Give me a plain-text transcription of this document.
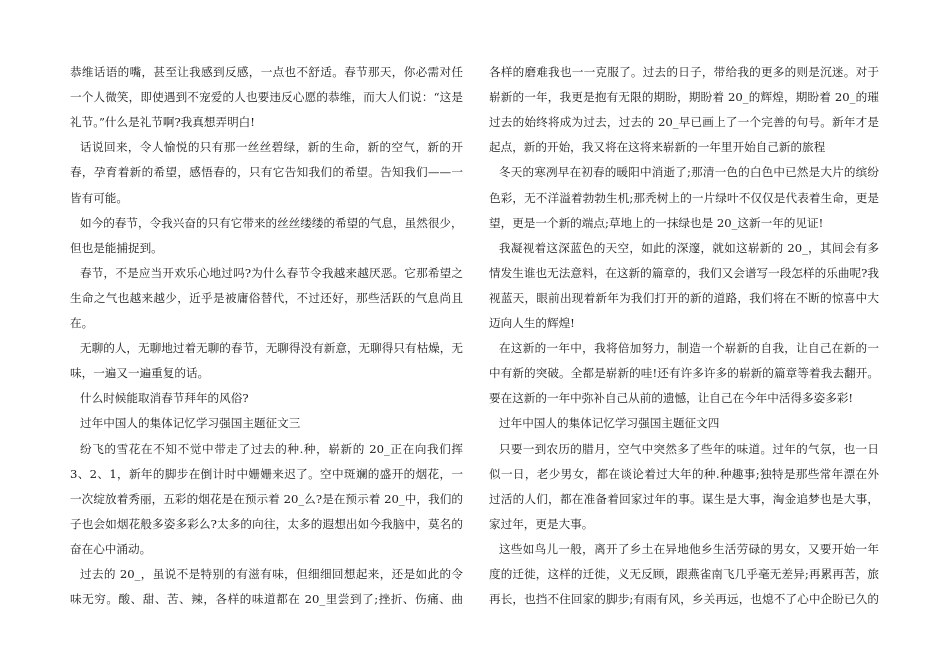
恭维话语的嘴，甚至让我感到反感，一点也不舒适。春节那天，你必需对任
一个人微笑，即使遇到不宠爱的人也要违反心愿的恭维，而大人们说：“这是
礼节。”什么是礼节啊?我真想弄明白!
话说回来，令人愉悦的只有那一丝丝碧绿，新的生命，新的空气，新的开
春，孕育着新的希望，感悟春的，只有它告知我们的希望。告知我们——一
皆有可能。
如今的春节，令我兴奋的只有它带来的丝丝缕缕的希望的气息，虽然很少，
但也是能捕捉到。
春节，不是应当开欢乐心地过吗?为什么春节令我越来越厌恶。它那希望之
生命之气也越来越少，近乎是被庸俗替代，不过还好，那些活跃的气息尚且
在。
无聊的人，无聊地过着无聊的春节，无聊得没有新意，无聊得只有枯燥，无
味，一遍又一遍重复的话。
什么时候能取消春节拜年的风俗?
过年中国人的集体记忆学习强国主题征文三
纷飞的雪花在不知不觉中带走了过去的种.种，崭新的 20_正在向我们挥
3、2、1，新年的脚步在倒计时中姗姗来迟了。空中斑斓的盛开的烟花，一
一次绽放着秀丽，五彩的烟花是在预示着 20_么?是在预示着 20_中，我们的
子也会如烟花般多姿多彩么?太多的向往，太多的遐想出如今我脑中，莫名的
奋在心中涌动。
过去的 20_，虽说不是特别的有滋有味，但细细回想起来，还是如此的令
味无穷。酸、甜、苦、辣，各样的味道都在 20_里尝到了;挫折、伤痛、曲
各样的磨难我也一一克服了。过去的日子，带给我的更多的则是沉迷。对于
崭新的一年，我更是抱有无限的期盼，期盼着 20_的辉煌，期盼着 20_的璀
过去的始终将成为过去，过去的 20_早已画上了一个完善的句号。新年才是
起点，新的开始，我又将在这将来崭新的一年里开始自己新的旅程
冬天的寒冽早在初春的暖阳中消逝了;那清一色的白色中已然是大片的缤纷
色彩，无不洋溢着勃勃生机;那秃树上的一片绿叶不仅仅是代表着生命，更是
望，更是一个新的端点;草地上的一抹绿也是 20_这新一年的见证!
我凝视着这深蓝色的天空，如此的深邃，就如这崭新的 20_，其间会有多
情发生谁也无法意料，在这新的篇章的，我们又会谱写一段怎样的乐曲呢?我
视蓝天，眼前出现着新年为我们打开的新的道路，我们将在不断的惊喜中大
迈向人生的辉煌!
在这新的一年中，我将倍加努力，制造一个崭新的自我，让自己在新的一
中有新的突破。全都是崭新的哇!还有许多许多的崭新的篇章等着我去翻开。
要在这新的一年中弥补自己从前的遗憾，让自己在今年中活得多姿多彩!
过年中国人的集体记忆学习强国主题征文四
只要一到农历的腊月，空气中突然多了些年的味道。过年的气氛，也一日
似一日，老少男女，都在谈论着过大年的种.种趣事;独特是那些常年漂在外
过活的人们，都在准备着回家过年的事。谋生是大事，淘金追梦也是大事，
家过年，更是大事。
这些如鸟儿一般，离开了乡土在异地他乡生活劳碌的男女，又要开始一年
度的迁徙，这样的迁徙，义无反顾，跟燕雀南飞几乎毫无差异;再累再苦，旅
再长，也挡不住回家的脚步;有雨有风，乡关再远，也熄不了心中企盼已久的
